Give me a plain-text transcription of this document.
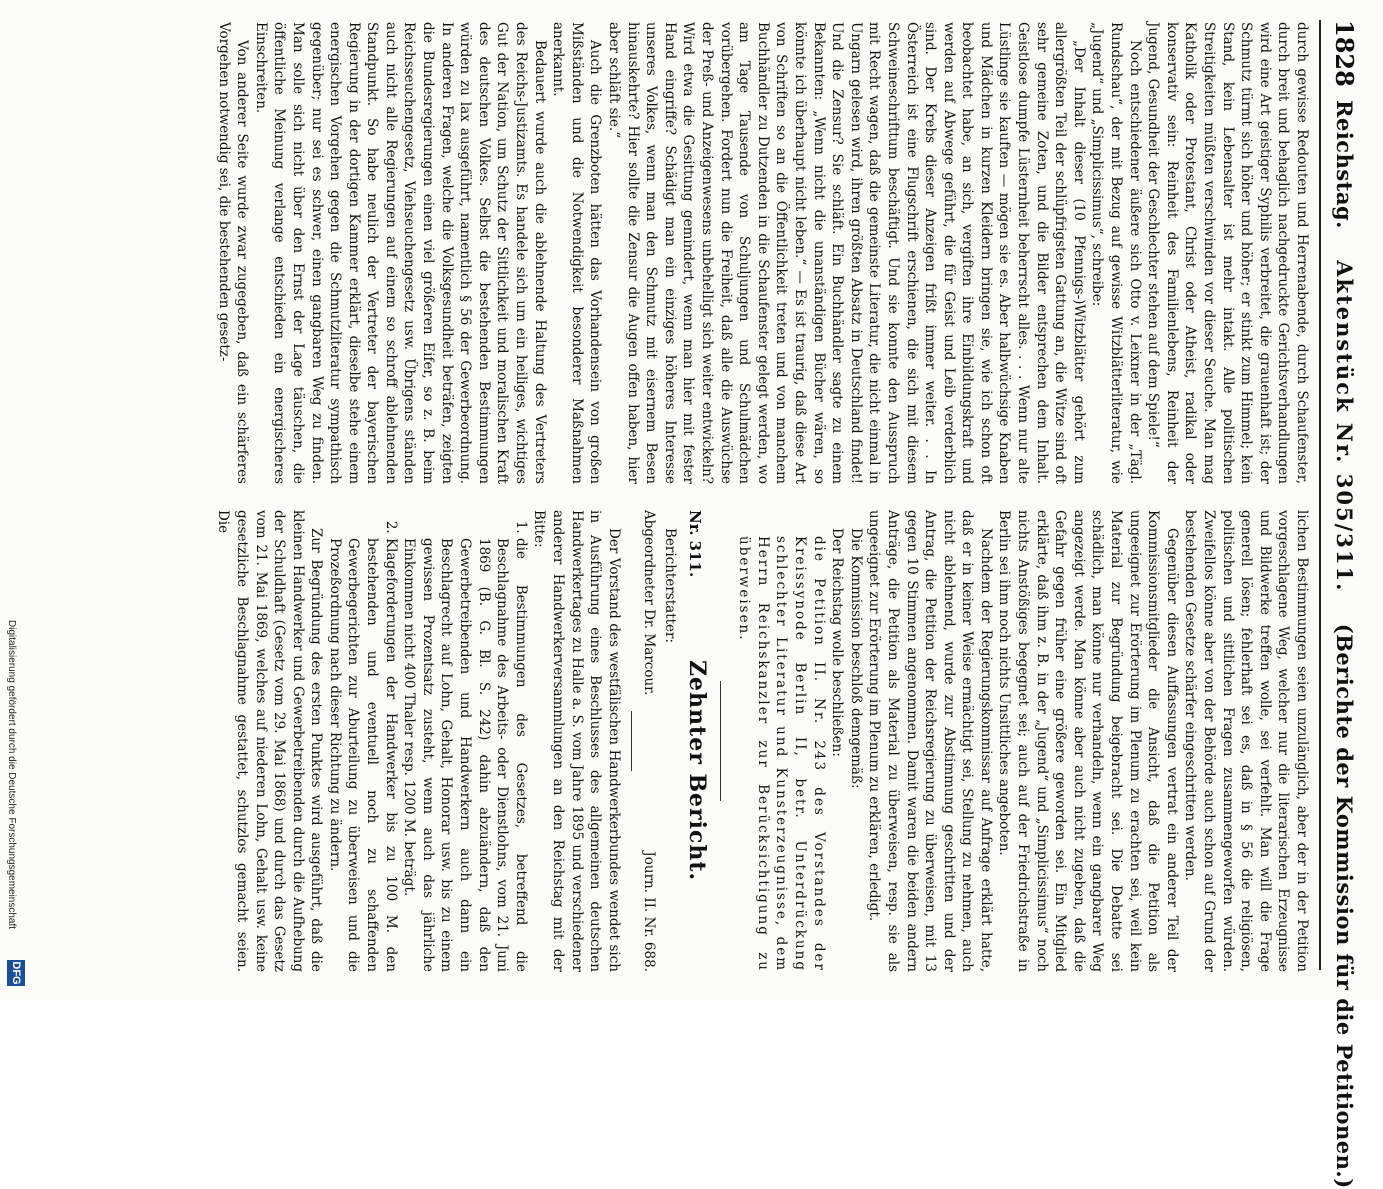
1828
Reichstag.    Aktenstück Nr. 305/311.    (Berichte der Kommission für die Petitionen.)

durch gewisse Redouten und Herrenabende, durch Schaufenster, durch breit und behaglich nachgedruckte Gerichtsverhandlungen wird eine Art geistiger Syphilis verbreitet, die grauenhaft ist; der Schmutz türmt sich höher und höher; er stinkt zum Himmel; kein Stand, kein Lebensalter ist mehr intakt. Alle politischen Streitigkeiten müßten verschwinden vor dieser Seuche. Man mag Katholik oder Protestant, Christ oder Atheist, radikal oder konservativ sein: Reinheit des Familienlebens, Reinheit der Jugend, Gesundheit der Geschlechter stehen auf dem Spiele!“

Noch entschiedener äußere sich Otto v. Leixner in der „Tägl. Rundschau“, der mit Bezug auf gewisse Witzblätterliteratur, wie „Jugend“ und „Simplicissimus“, schreibe:

„Der Inhalt dieser (10 Pfennigs-)Witzblätter gehört zum allergrößten Teil der schlüpfrigsten Gattung an, die Witze sind oft sehr gemeine Zoten, und die Bilder entsprechen dem Inhalt. Geistlose dumpfe Lüsternheit beherrscht alles. . . . Wenn nur alte Lüstlinge sie kauften — mögen sie es. Aber halbwüchsige Knaben und Mädchen in kurzen Kleidern bringen sie, wie ich schon oft beobachtet habe, an sich, vergiften ihre Einbildungskraft und werden auf Abwege geführt, die für Geist und Leib verderblich sind. Der Krebs dieser Anzeigen frißt immer weiter. . . In Österreich ist eine Flugschrift erschienen, die sich mit diesem Schweineschrifttum beschäftigt. Und sie konnte den Ausspruch mit Recht wagen, daß die gemeinste Literatur, die nicht einmal in Ungarn gelesen wird, ihren größten Absatz in Deutschland findet! Und die Zensur? Sie schläft. Ein Buchhändler sagte zu einem Bekannten: „Wenn nicht die unanständigen Bücher wären, so könnte ich überhaupt nicht leben.“ — Es ist traurig, daß diese Art von Schriften so an die Öffentlichkeit treten und von manchem Buchhändler zu Dutzenden in die Schaufenster gelegt werden, wo am Tage Tausende von Schuljungen und Schulmädchen vorübergehen. Fordert nun die Freiheit, daß alle die Auswüchse der Preß- und Anzeigenwesens unbehelligt sich weiter entwickeln? Wird etwa die Gesittung gemindert, wenn man hier mit fester Hand eingriffe? Schädigt man ein einziges höheres Interesse unseres Volkes, wenn man den Schmutz mit eisernem Besen hinauskehrte? Hier sollte die Zensur die Augen offen haben, hier aber schläft sie.“

Auch die Grenzboten hätten das Vorhandensein von großen Mißständen und die Notwendigkeit besonderer Maßnahmen anerkannt.

Bedauert wurde auch die ablehnende Haltung des Vertreters des Reichs-Justizamts. Es handele sich um ein heiliges, wichtiges Gut der Nation, um Schutz der Sittlichkeit und moralischen Kraft des deutschen Volkes. Selbst die bestehenden Bestimmungen würden zu lax ausgeführt, namentlich § 56 der Gewerbeordnung. In anderen Fragen, welche die Volksgesundheit beträfen, zeigten die Bundesregierungen einen viel größeren Eifer, so z. B. beim Reichsseuchengesetz, Viehseuchengesetz usw. Übrigens ständen auch nicht alle Regierungen auf einem so schroff ablehnenden Standpunkt. So habe neulich der Vertreter der bayerischen Regierung in der dortigen Kammer erklärt, dieselbe stehe einem energischen Vorgehen gegen die Schmutzliteratur sympathisch gegenüber; nur sei es schwer, einen gangbaren Weg zu finden. Man solle sich nicht über den Ernst der Lage täuschen, die öffentliche Meinung verlange entschieden ein energischeres Einschreiten.

Von anderer Seite wurde zwar zugegeben, daß ein schärferes Vorgehen notwendig sei, die bestehenden gesetz-

lichen Bestimmungen seien unzulänglich, aber der in der Petition vorgeschlagene Weg, welcher nur die literarischen Erzeugnisse und Bildwerke treffen wolle, sei verfehlt. Man will die Frage generell lösen; fehlerhaft sei es, daß in § 56 die religiösen, politischen und sittlichen Fragen zusammengeworfen würden. Zweifellos könne aber von der Behörde auch schon auf Grund der bestehenden Gesetze schärfer eingeschritten werden.

Gegenüber diesen Auffassungen vertrat ein anderer Teil der Kommissionsmitglieder die Ansicht, daß die Petition als ungeeignet zur Erörterung im Plenum zu erachten sei, weil kein Material zur Begründung beigebracht sei. Die Debatte sei schädlich, man könne nur verhandeln, wenn ein gangbarer Weg angezeigt werde. Man könne aber auch nicht zugeben, daß die Gefahr gegen früher eine größere geworden sei. Ein Mitglied erklärte, daß ihm z. B. in der „Jugend“ und „Simplicissimus“ noch nichts Anstößiges begegnet sei; auch auf der Friedrichstraße in Berlin sei ihm noch nichts Unsittliches angeboten.

Nachdem der Regierungskommissar auf Anfrage erklärt hatte, daß er in keiner Weise ermächtigt sei, Stellung zu nehmen, auch nicht ablehnend, wurde zur Abstimmung geschritten und der Antrag, die Petition der Reichsregierung zu überweisen, mit 13 gegen 10 Stimmen angenommen. Damit waren die beiden andern Anträge, die Petition als Material zu überweisen, resp. sie als ungeeignet zur Erörterung im Plenum zu erklären, erledigt.

Die Kommission beschloß demgemäß:

Der Reichstag wolle beschließen:

die Petition II. Nr. 243 des Vorstandes der Kreissynode Berlin II, betr. Unterdrückung schlechter Literatur und Kunsterzeugnisse, dem Herrn Reichskanzler zur Berücksichtigung zu überweisen.
Nr. 311.
Zehnter Bericht.
Berichterstatter:
Abgeordneter Dr. Marcour.
Journ. II. Nr. 688.

Der Vorstand des westfälischen Handwerkerbundes wendet sich in Ausführung eines Beschlusses des allgemeinen deutschen Handwerkertages zu Halle a. S. vom Jahre 1895 und verschiedener anderer Handwerkerversammlungen an den Reichstag mit der Bitte:

1. die Bestimmungen des Gesetzes, betreffend die Beschlagnahme des Arbeits- oder Dienstlohns, vom 21. Juni 1869 (B. G. Bl. S. 242) dahin abzuändern, daß den Gewerbetreibenden und Handwerkern auch dann ein Beschlagrecht auf Lohn, Gehalt, Honorar usw. bis zu einem gewissen Prozentsatz zusteht, wenn auch das jährliche Einkommen nicht 400 Thaler resp. 1200 M. beträgt.
2. Klageforderungen der Handwerker bis zu 100 M. den bestehenden und eventuell noch zu schaffenden Gewerbegerichten zur Aburteilung zu überweisen und die Prozeßordnung nach dieser Richtung zu ändern.

Zur Begründung des ersten Punktes wird ausgeführt, daß die kleinen Handwerker und Gewerbetreibenden durch die Aufhebung der Schuldhaft (Gesetz vom 29. Mai 1868) und durch das Gesetz vom 21. Mai 1869, welches auf niederen Lohn, Gehalt usw. keine gesetzliche Beschlagnahme gestattet, schutzlos gemacht seien. Die

Digitalisierung gefördert durch die Deutsche Forschungsgemeinschaft
DFG
